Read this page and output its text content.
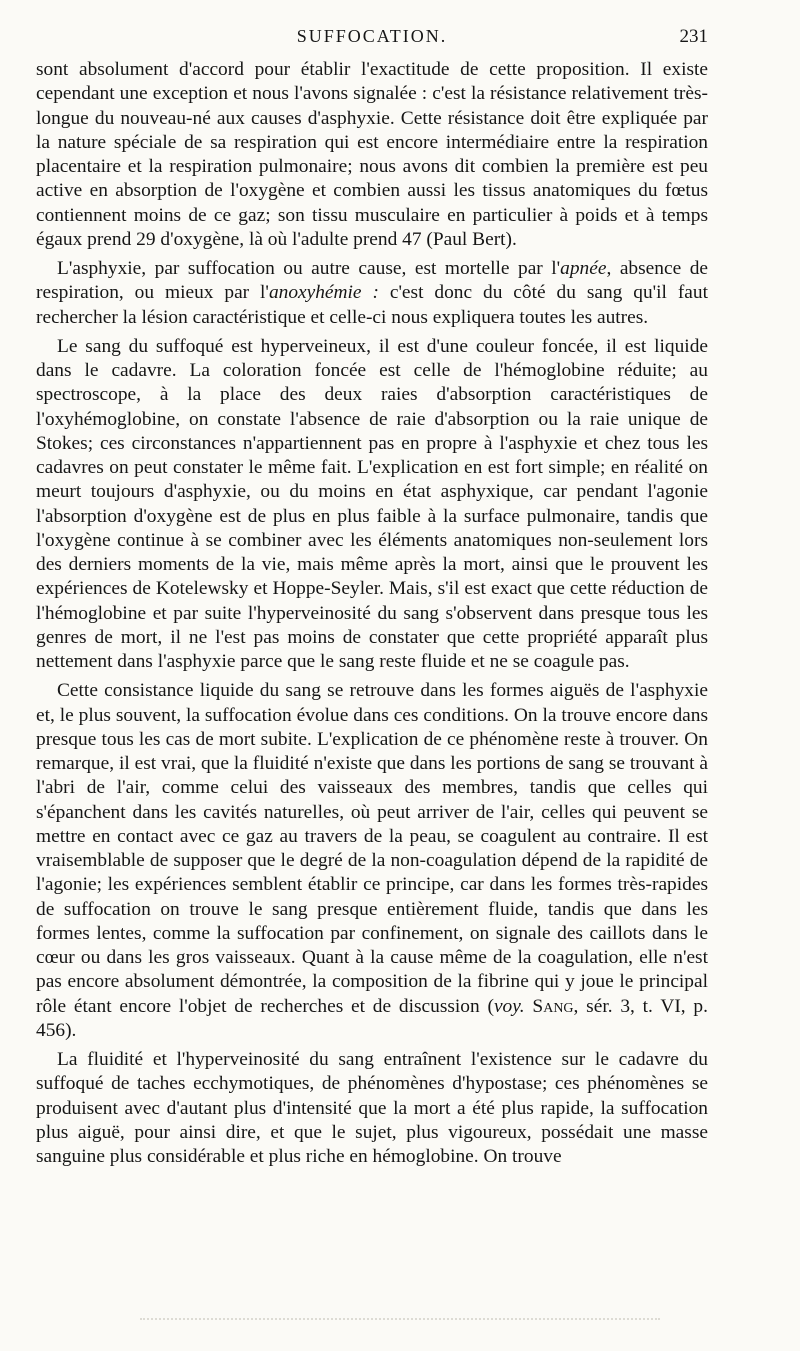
SUFFOCATION.	231

sont absolument d'accord pour établir l'exactitude de cette proposition. Il existe cependant une exception et nous l'avons signalée : c'est la résistance relativement très-longue du nouveau-né aux causes d'asphyxie. Cette résistance doit être expliquée par la nature spéciale de sa respiration qui est encore intermédiaire entre la respiration placentaire et la respiration pulmonaire; nous avons dit combien la première est peu active en absorption de l'oxygène et combien aussi les tissus anatomiques du fœtus contiennent moins de ce gaz; son tissu musculaire en particulier à poids et à temps égaux prend 29 d'oxygène, là où l'adulte prend 47 (Paul Bert).

L'asphyxie, par suffocation ou autre cause, est mortelle par l'apnée, absence de respiration, ou mieux par l'anoxyhémie : c'est donc du côté du sang qu'il faut rechercher la lésion caractéristique et celle-ci nous expliquera toutes les autres.

Le sang du suffoqué est hyperveineux, il est d'une couleur foncée, il est liquide dans le cadavre. La coloration foncée est celle de l'hémoglobine réduite; au spectroscope, à la place des deux raies d'absorption caractéristiques de l'oxyhémoglobine, on constate l'absence de raie d'absorption ou la raie unique de Stokes; ces circonstances n'appartiennent pas en propre à l'asphyxie et chez tous les cadavres on peut constater le même fait. L'explication en est fort simple; en réalité on meurt toujours d'asphyxie, ou du moins en état asphyxique, car pendant l'agonie l'absorption d'oxygène est de plus en plus faible à la surface pulmonaire, tandis que l'oxygène continue à se combiner avec les éléments anatomiques non-seulement lors des derniers moments de la vie, mais même après la mort, ainsi que le prouvent les expériences de Kotelewsky et Hoppe-Seyler. Mais, s'il est exact que cette réduction de l'hémoglobine et par suite l'hyperveinosité du sang s'observent dans presque tous les genres de mort, il ne l'est pas moins de constater que cette propriété apparaît plus nettement dans l'asphyxie parce que le sang reste fluide et ne se coagule pas.

Cette consistance liquide du sang se retrouve dans les formes aiguës de l'asphyxie et, le plus souvent, la suffocation évolue dans ces conditions. On la trouve encore dans presque tous les cas de mort subite. L'explication de ce phénomène reste à trouver. On remarque, il est vrai, que la fluidité n'existe que dans les portions de sang se trouvant à l'abri de l'air, comme celui des vaisseaux des membres, tandis que celles qui s'épanchent dans les cavités naturelles, où peut arriver de l'air, celles qui peuvent se mettre en contact avec ce gaz au travers de la peau, se coagulent au contraire. Il est vraisemblable de supposer que le degré de la non-coagulation dépend de la rapidité de l'agonie; les expériences semblent établir ce principe, car dans les formes très-rapides de suffocation on trouve le sang presque entièrement fluide, tandis que dans les formes lentes, comme la suffocation par confinement, on signale des caillots dans le cœur ou dans les gros vaisseaux. Quant à la cause même de la coagulation, elle n'est pas encore absolument démontrée, la composition de la fibrine qui y joue le principal rôle étant encore l'objet de recherches et de discussion (voy. Sang, sér. 3, t. VI, p. 456).

La fluidité et l'hyperveinosité du sang entraînent l'existence sur le cadavre du suffoqué de taches ecchymotiques, de phénomènes d'hypostase; ces phénomènes se produisent avec d'autant plus d'intensité que la mort a été plus rapide, la suffocation plus aiguë, pour ainsi dire, et que le sujet, plus vigoureux, possédait une masse sanguine plus considérable et plus riche en hémoglobine. On trouve
